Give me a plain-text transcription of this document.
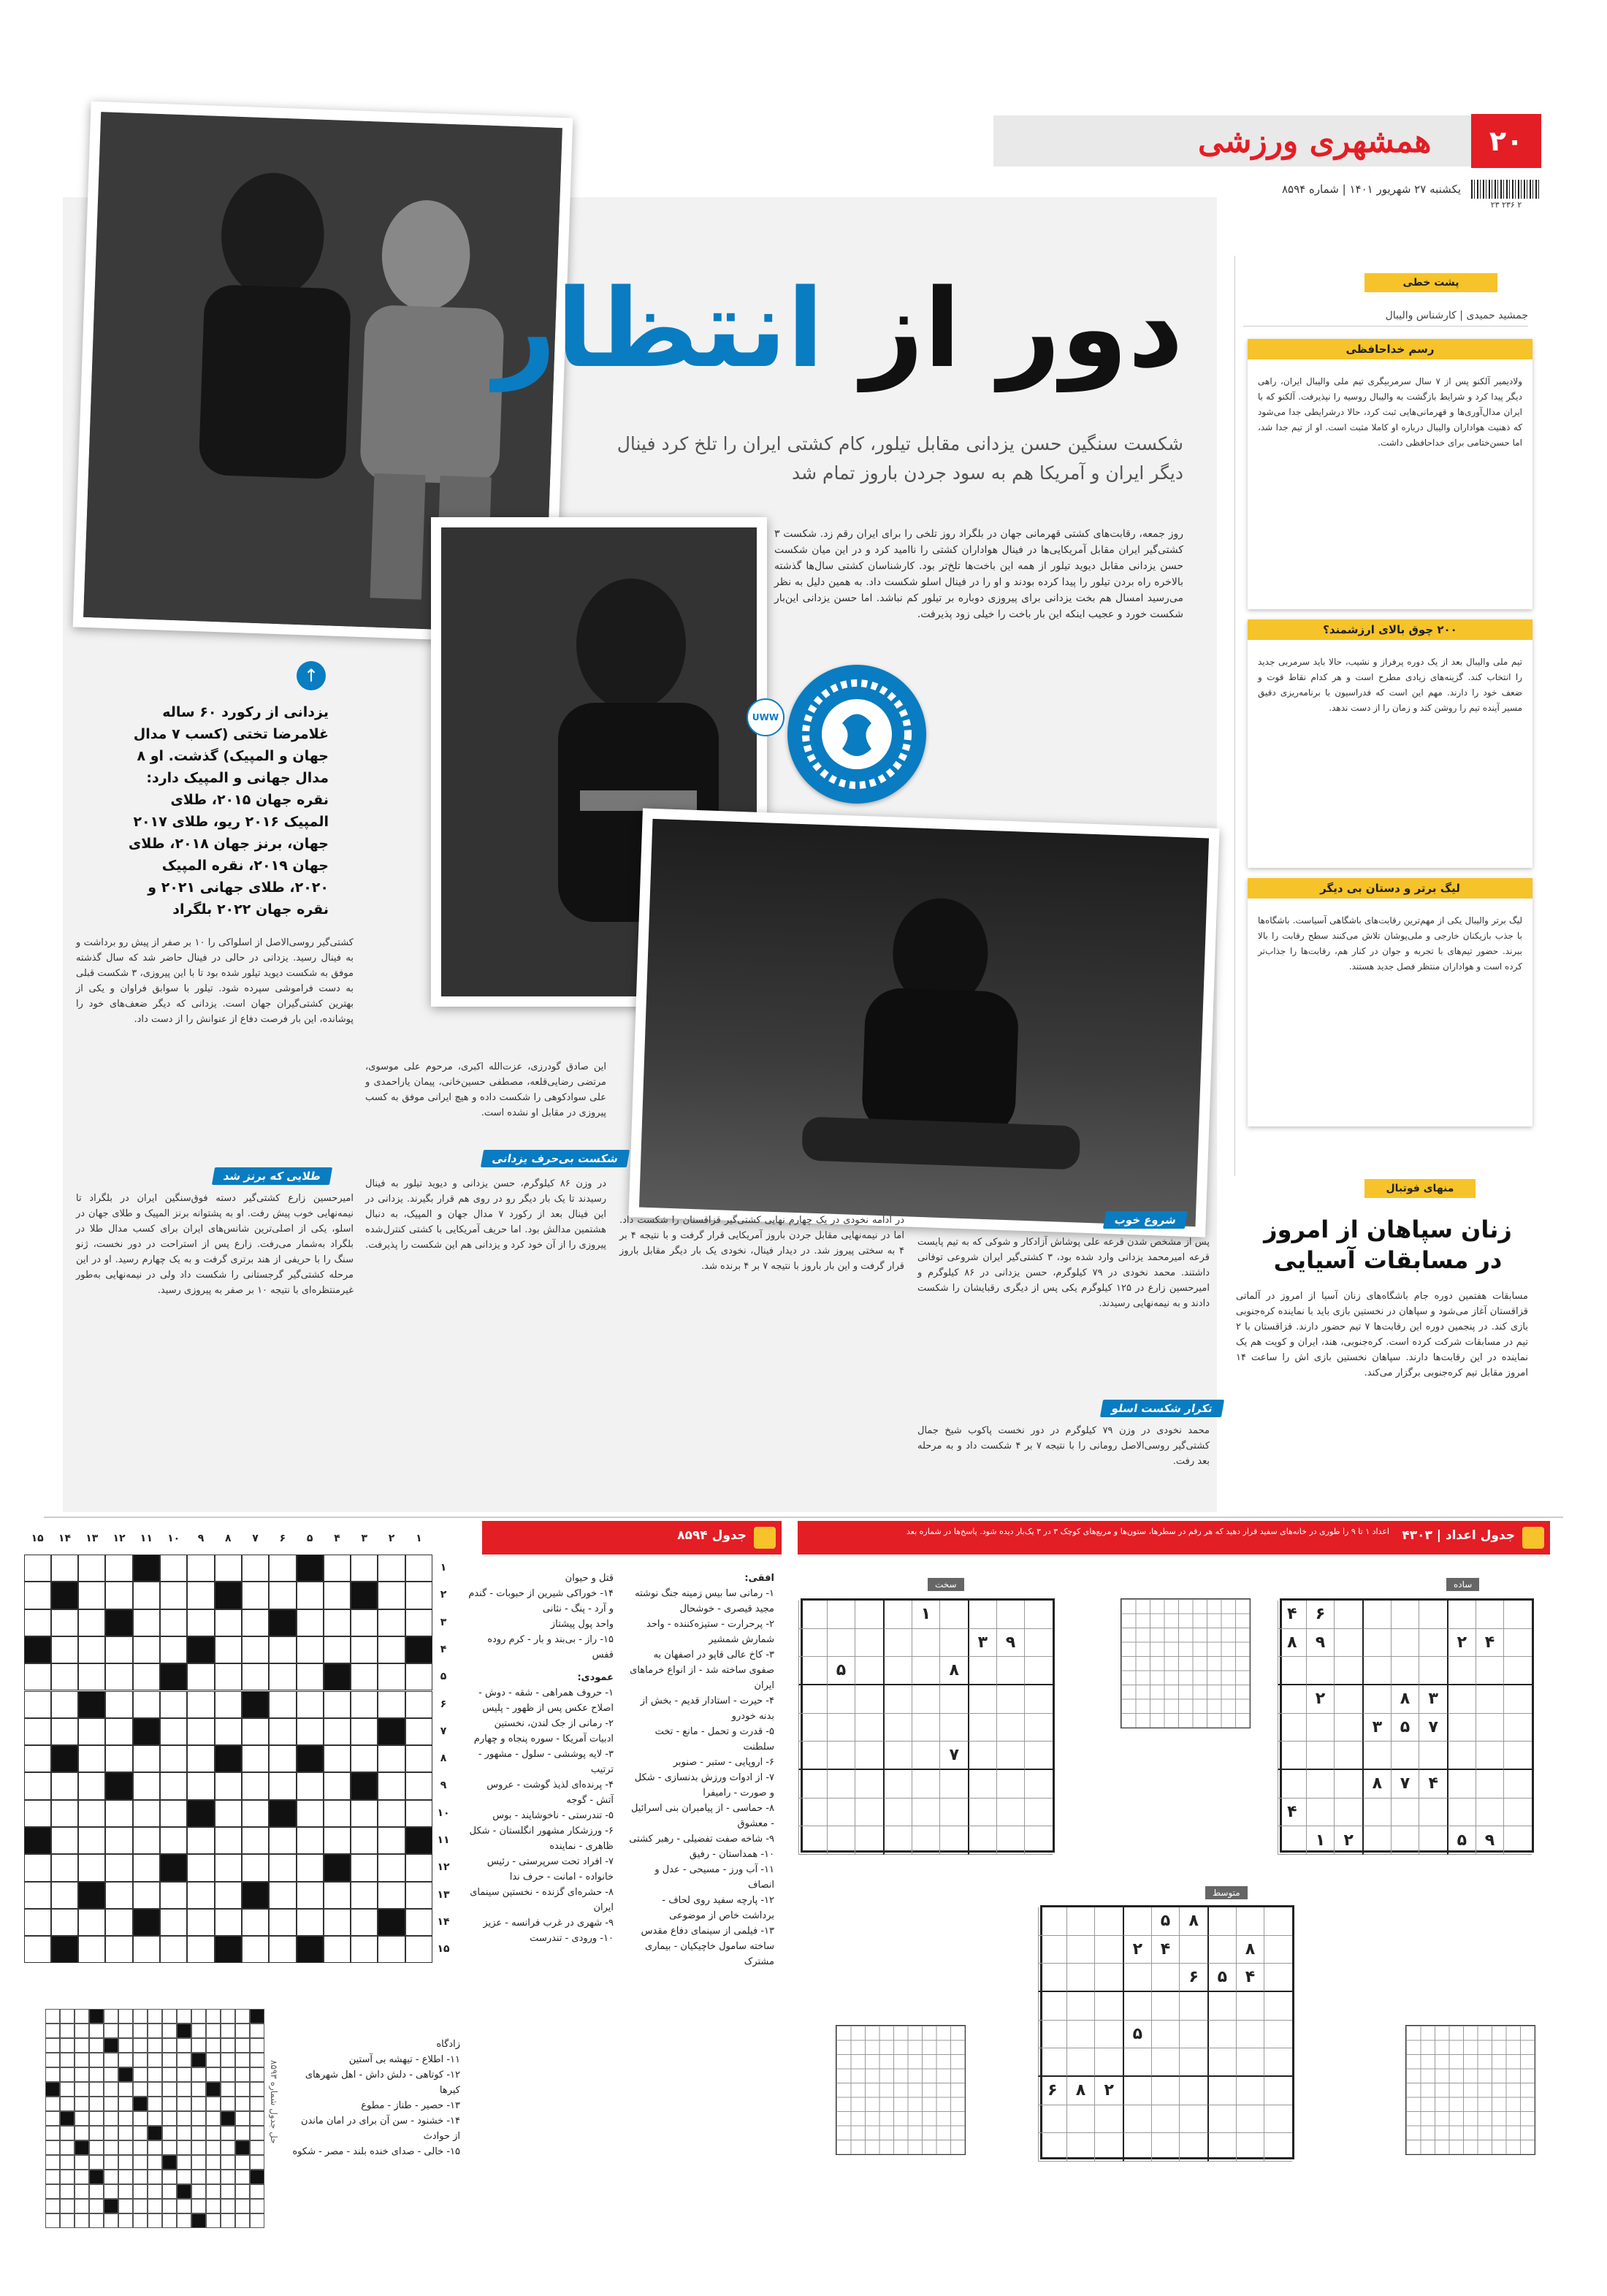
۲۰
همشهری ورزشی
یکشنبه ۲۷ شهریور ۱۴۰۱ | شماره ۸۵۹۴
۲ ۲۳۶ ۲۳
دور از انتظار
شکست سنگین حسن یزدانی مقابل تیلور، کام کشتی ایران را تلخ کرد فینال دیگر ایران و آمریکا هم به سود جردن باروز تمام شد
روز جمعه، رقابت‌های کشتی قهرمانی جهان در بلگراد روز تلخی را برای ایران رقم زد. شکست ۳ کشتی‌گیر ایران مقابل آمریکایی‌ها در فینال هواداران کشتی را ناامید کرد و در این میان شکست حسن یزدانی مقابل دیوید تیلور از همه این باخت‌ها تلخ‌تر بود. کارشناسان کشتی سال‌ها گذشته بالاخره راه بردن تیلور را پیدا کرده بودند و او را در فینال اسلو شکست داد. به همین دلیل به نظر می‌رسید امسال هم بخت یزدانی برای پیروزی دوباره بر تیلور کم نباشد. اما حسن یزدانی این‌بار شکست خورد و عجیب اینکه این بار باخت را خیلی زود پذیرفت.
UWW
↑
یزدانی از رکورد ۶۰ ساله غلامرضا تختی (کسب ۷ مدال جهان و المپیک) گذشت. او ۸ مدال جهانی و المپیک دارد: نقره جهان ۲۰۱۵، طلای المپیک ۲۰۱۶ ریو، طلای ۲۰۱۷ جهان، برنز جهان ۲۰۱۸، طلای جهان ۲۰۱۹، نقره المپیک ۲۰۲۰، طلای جهانی ۲۰۲۱ و نقره جهان ۲۰۲۲ بلگراد
کشتی‌گیر روسی‌الاصل از اسلواکی را ۱۰ بر صفر از پیش رو برداشت و به فینال رسید. یزدانی در حالی در فینال حاضر شد که سال گذشته موفق به شکست دیوید تیلور شده بود تا با این پیروزی، ۳ شکست قبلی به دست فراموشی سپرده شود. تیلور با سوابق فراوان و یکی از بهترین کشتی‌گیران جهان است. یزدانی که دیگر ضعف‌های خود را پوشانده، این بار فرصت دفاع از عنوانش را از دست داد.
این صادق گودرزی، عزت‌الله اکبری، مرحوم علی موسوی، مرتضی رضایی‌قلعه، مصطفی حسین‌خانی، پیمان یاراحمدی و علی سوادکوهی را شکست داده و هیچ ایرانی موفق به کسب پیروزی در مقابل او نشده است.
طلایی که برنز شد
امیرحسین زارع کشتی‌گیر دسته فوق‌سنگین ایران در بلگراد تا نیمه‌نهایی خوب پیش رفت. او به پشتوانه برنز المپیک و طلای جهان در اسلو، یکی از اصلی‌ترین شانس‌های ایران برای کسب مدال طلا در بلگراد به‌شمار می‌رفت. زارع پس از استراحت در دور نخست، ژنو سنگ را با حریفی از هند برتری گرفت و به یک چهارم رسید. او در این مرحله کشتی‌گیر گرجستانی را شکست داد ولی در نیمه‌نهایی به‌طور غیرمنتظره‌ای با نتیجه ۱۰ بر صفر به پیروزی رسید.
شکست بی‌حرف یزدانی
در وزن ۸۶ کیلوگرم، حسن یزدانی و دیوید تیلور به فینال رسیدند تا یک بار دیگر رو در روی هم قرار بگیرند. یزدانی در این فینال بعد از رکورد ۷ مدال جهان و المپیک، به دنبال هشتمین مدالش بود. اما حریف آمریکایی با کشتی کنترل‌شده پیروزی را از آن خود کرد و یزدانی هم این شکست را پذیرفت.
در ادامه نخودی در یک چهارم نهایی کشتی‌گیر قزاقستان را شکست داد. اما در نیمه‌نهایی مقابل جردن باروز آمریکایی قرار گرفت و با نتیجه ۴ بر ۴ به سختی پیروز شد. در دیدار فینال، نخودی یک بار دیگر مقابل باروز قرار گرفت و این بار باروز با نتیجه ۷ بر ۴ برنده شد.
شروع خوب
پس از مشخص شدن قرعه علی پوشاش آزادکار و شوکی که به تیم پایست قرعه امیرمحمد یزدانی وارد شده بود، ۳ کشتی‌گیر ایران شروعی توفانی داشتند. محمد نخودی در ۷۹ کیلوگرم، حسن یزدانی در ۸۶ کیلوگرم و امیرحسین زارع در ۱۲۵ کیلوگرم یکی پس از دیگری رقبایشان را شکست دادند و به نیمه‌نهایی رسیدند.
تکرار شکست اسلو
محمد نخودی در وزن ۷۹ کیلوگرم در دور نخست پاکوب شیخ جمال کشتی‌گیر روسی‌الاصل رومانی را با نتیجه ۷ بر ۴ شکست داد و به مرحله بعد رفت.
پشت خطی
جمشید حمیدی | کارشناس والیبال
رسم خداحافظی
ولادیمیر آلکنو پس از ۷ سال سرمربیگری تیم ملی والیبال ایران، راهی دیگر پیدا کرد و شرایط بازگشت به والیبال روسیه را نپذیرفت. آلکنو که با ایران مدال‌آوری‌ها و قهرمانی‌هایی ثبت کرد، حالا درشرایطی جدا می‌شود که ذهنیت هواداران والیبال درباره او کاملا مثبت است. او از تیم جدا شد، اما حسن‌ختامی برای خداحافظی داشت.
۲۰۰ چوق بالای ارزشمند؟
تیم ملی والیبال بعد از یک دوره پرفراز و نشیب، حالا باید سرمربی جدید را انتخاب کند. گزینه‌های زیادی مطرح است و هر کدام نقاط قوت و ضعف خود را دارند. مهم این است که فدراسیون با برنامه‌ریزی دقیق مسیر آینده تیم را روشن کند و زمان را از دست ندهد.
لیگ برتر و دستان بی دیگر
لیگ برتر والیبال یکی از مهم‌ترین رقابت‌های باشگاهی آسیاست. باشگاه‌ها با جذب بازیکنان خارجی و ملی‌پوشان تلاش می‌کنند سطح رقابت را بالا ببرند. حضور تیم‌های با تجربه و جوان در کنار هم، رقابت‌ها را جذاب‌تر کرده است و هواداران منتظر فصل جدید هستند.
منهای فوتبال
زنان سپاهان از امروز در مسابقات آسیایی
مسابقات هفتمین دوره جام باشگاه‌های زنان آسیا از امروز در آلماتی قزاقستان آغاز می‌شود و سپاهان در نخستین بازی باید با نماینده کره‌جنوبی بازی کند. در پنجمین دوره این رقابت‌ها ۷ تیم حضور دارند. قزاقستان با ۲ تیم در مسابقات شرکت کرده است. کره‌جنوبی، هند، ایران و کویت هم یک نماینده در این رقابت‌ها دارند. سپاهان نخستین بازی اش را ساعت ۱۴ امروز مقابل تیم کره‌جنوبی برگزار می‌کند.
جدول اعداد | ۴۳۰۳
اعداد ۱ تا ۹ را طوری در خانه‌های سفید قرار دهید که هر رقم در سطرها، ستون‌ها و مربع‌های کوچک ۳ در ۳ یک‌بار دیده شود. پاسخ‌ها در شماره بعد
۶
۴
۴
۲
۹
۸
۳
۸
۲
۷
۵
۳
۴
۷
۸
۴
۹
۵
۲
۱
۱
۹
۳
۸
۵
۷
۸
۵
۸
۴
۲
۴
۵
۶
۵
۲
۸
۶
ساده
متوسط
سخت
جدول ۸۵۹۴
افقی:
۱- رمانی سا بیس زمینه جنگ نوشته مجید قیصری - خوشحال
۲- پرحرارت - ستیزه‌کننده - واحد شمارش شمشیر
۳- کاخ عالی قاپو در اصفهان به صفوی ساخته شد - از انواع خرماهای ایران
۴- حیرت - استادار قدیم - بخش از بدنه خودرو
۵- قدرت و تحمل - مانع - تخت سلطنت
۶- اروپایی - ستبر - صنوبر
۷- از ادوات ورزش بدنسازی - شکل و صورت - رامیفرا
۸- حماسی - از پیامبران بنی اسرائیل - معشوق
۹- شاخه صفت تفضیلی - رهبر کشتی
۱۰- همداستان - رفیق
۱۱- آب ورز - مسیحی - عدل و انصاف
۱۲- پارچه سفید روی لحاف - برداشت خاص از موضوعی
۱۳- فیلمی از سینمای دفاع مقدس ساخته سامول خاچیکیان - بیماری مشترک
قتل و حیوان
۱۴- خوراکی شیرین از حبوبات - گندم و آرد - پنگ - نثانی
واحد پول پیشتاز
۱۵- راز - بی‌بند و بار - کرم روده قفس
عمودی:
۱- حروف همراهی - شقه - دوش - اصلاح عکس پس از ظهور - پلیس
۲- رمانی از جک لندن، نخستین ادبیات آمریکا - سوره پنجاه و چهارم
۳- لایه پوششی - سلول - مشهور - ترتیب
۴- پرنده‌ای لذیذ گوشت - عروس آتش - گوجه
۵- تندرستی - ناخوشایند - بوس
۶- ورزشکار مشهور انگلستان - شکل ظاهری - نماینده
۷- افراد تحت سرپرستی - رئیس خانواده - امانت - حرف ندا
۸- حشره‌ای گزنده - نخستین سینمای ایران
۹- شهری در غرب فرانسه - عزیز
۱۰- ورودی - تندرست
زادگاه
۱۱- اطلاع - تیهشه بی آستین
۱۲- کوتاهی - دلش داش - اهل شهرهای کیرها
۱۳- حصیر - طناز - مطوع
۱۴- خشنود - سن آن برای در امان ماندن از حوادث
۱۵- خالی - صدای خنده بلند - مصر - شکوه
۱
۲
۳
۴
۵
۶
۷
۸
۹
۱۰
۱۱
۱۲
۱۳
۱۴
۱۵
۱
۲
۳
۴
۵
۶
۷
۸
۹
۱۰
۱۱
۱۲
۱۳
۱۴
۱۵
حل جدول شماره ۸۵۹۳
